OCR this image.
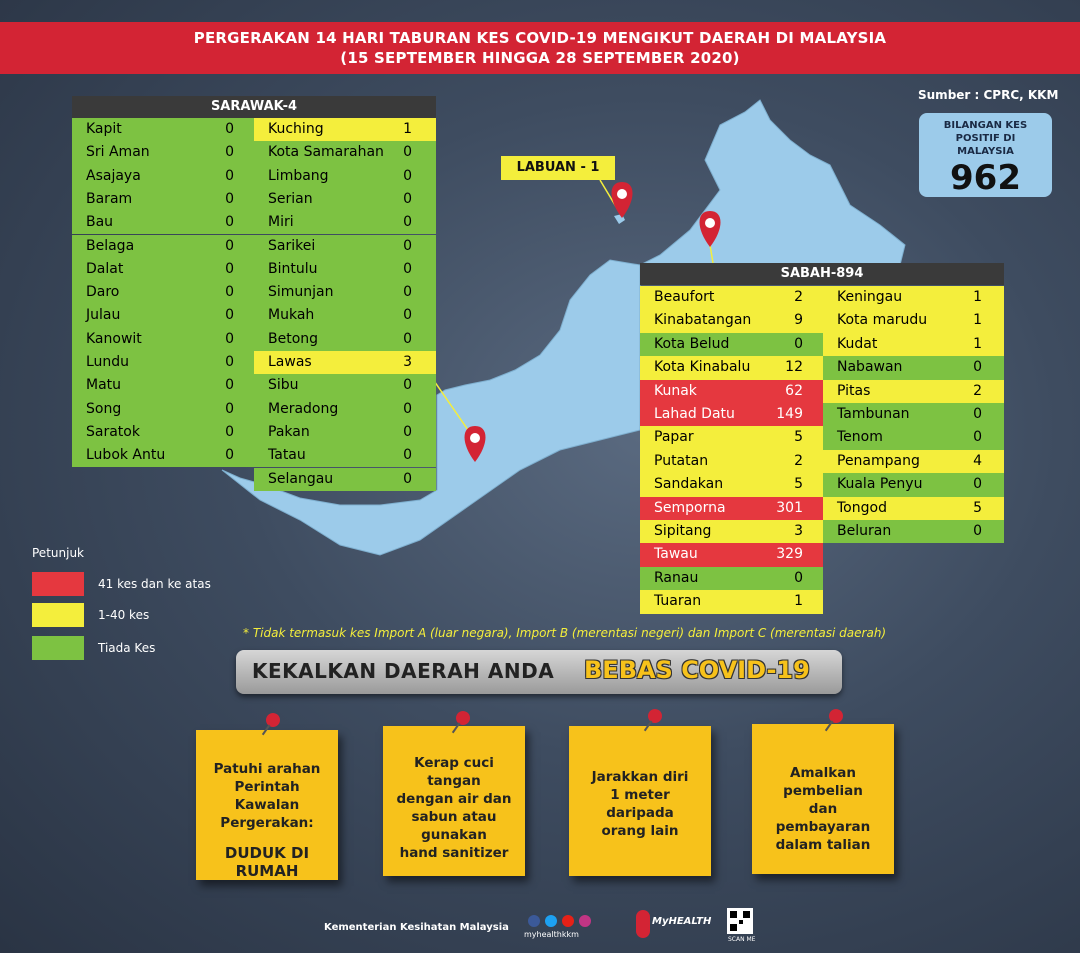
PERGERAKAN 14 HARI TABURAN KES COVID-19 MENGIKUT DAERAH DI MALAYSIA
(15 SEPTEMBER HINGGA 28 SEPTEMBER 2020)
Sumber : CPRC, KKM
BILANGAN KES POSITIF DI MALAYSIA
962
SARAWAK-4
Kapit	0
Sri Aman	0
Asajaya	0
Baram	0
Bau	0
Belaga	0
Dalat	0
Daro	0
Julau	0
Kanowit	0
Lundu	0
Matu	0
Song	0
Saratok	0
Lubok Antu	0
Kuching	1
Kota Samarahan 0
Limbang	0
Serian	0
Miri	0
Sarikei	0
Bintulu	0
Simunjan	0
Mukah	0
Betong	0
Lawas	3
Sibu	0
Meradong	0
Pakan	0
Tatau	0
Selangau	0
LABUAN - 1
SABAH-894
Beaufort	2
Kinabatangan	9
Kota Belud	0
Kota Kinabalu 12
Kunak	62
Lahad Datu	149
Papar	5
Putatan	2
Sandakan	5
Semporna	301
Sipitang	3
Tawau	329
Ranau	0
Tuaran	1
Keningau	1
Kota marudu	1
Kudat	1
Nabawan	0
Pitas	2
Tambunan	0
Tenom	0
Penampang	4
Kuala Penyu	0
Tongod	5
Beluran	0
Petunjuk
41 kes dan ke atas
1-40 kes
Tiada Kes
* Tidak termasuk kes Import A (luar negara), Import B (merentasi negeri) dan Import C (merentasi daerah)
KEKALKAN DAERAH ANDA BEBAS COVID-19
Patuhi arahan
Perintah Kawalan
Pergerakan:
DUDUK DI
RUMAH
Kerap cuci
tangan
dengan air dan
sabun atau
gunakan
hand sanitizer
Jarakkan diri
1 meter
daripada
orang lain
Amalkan
pembelian
dan
pembayaran
dalam talian
Kementerian Kesihatan Malaysia
myhealthkkm
MyHEALTH
SCAN ME
